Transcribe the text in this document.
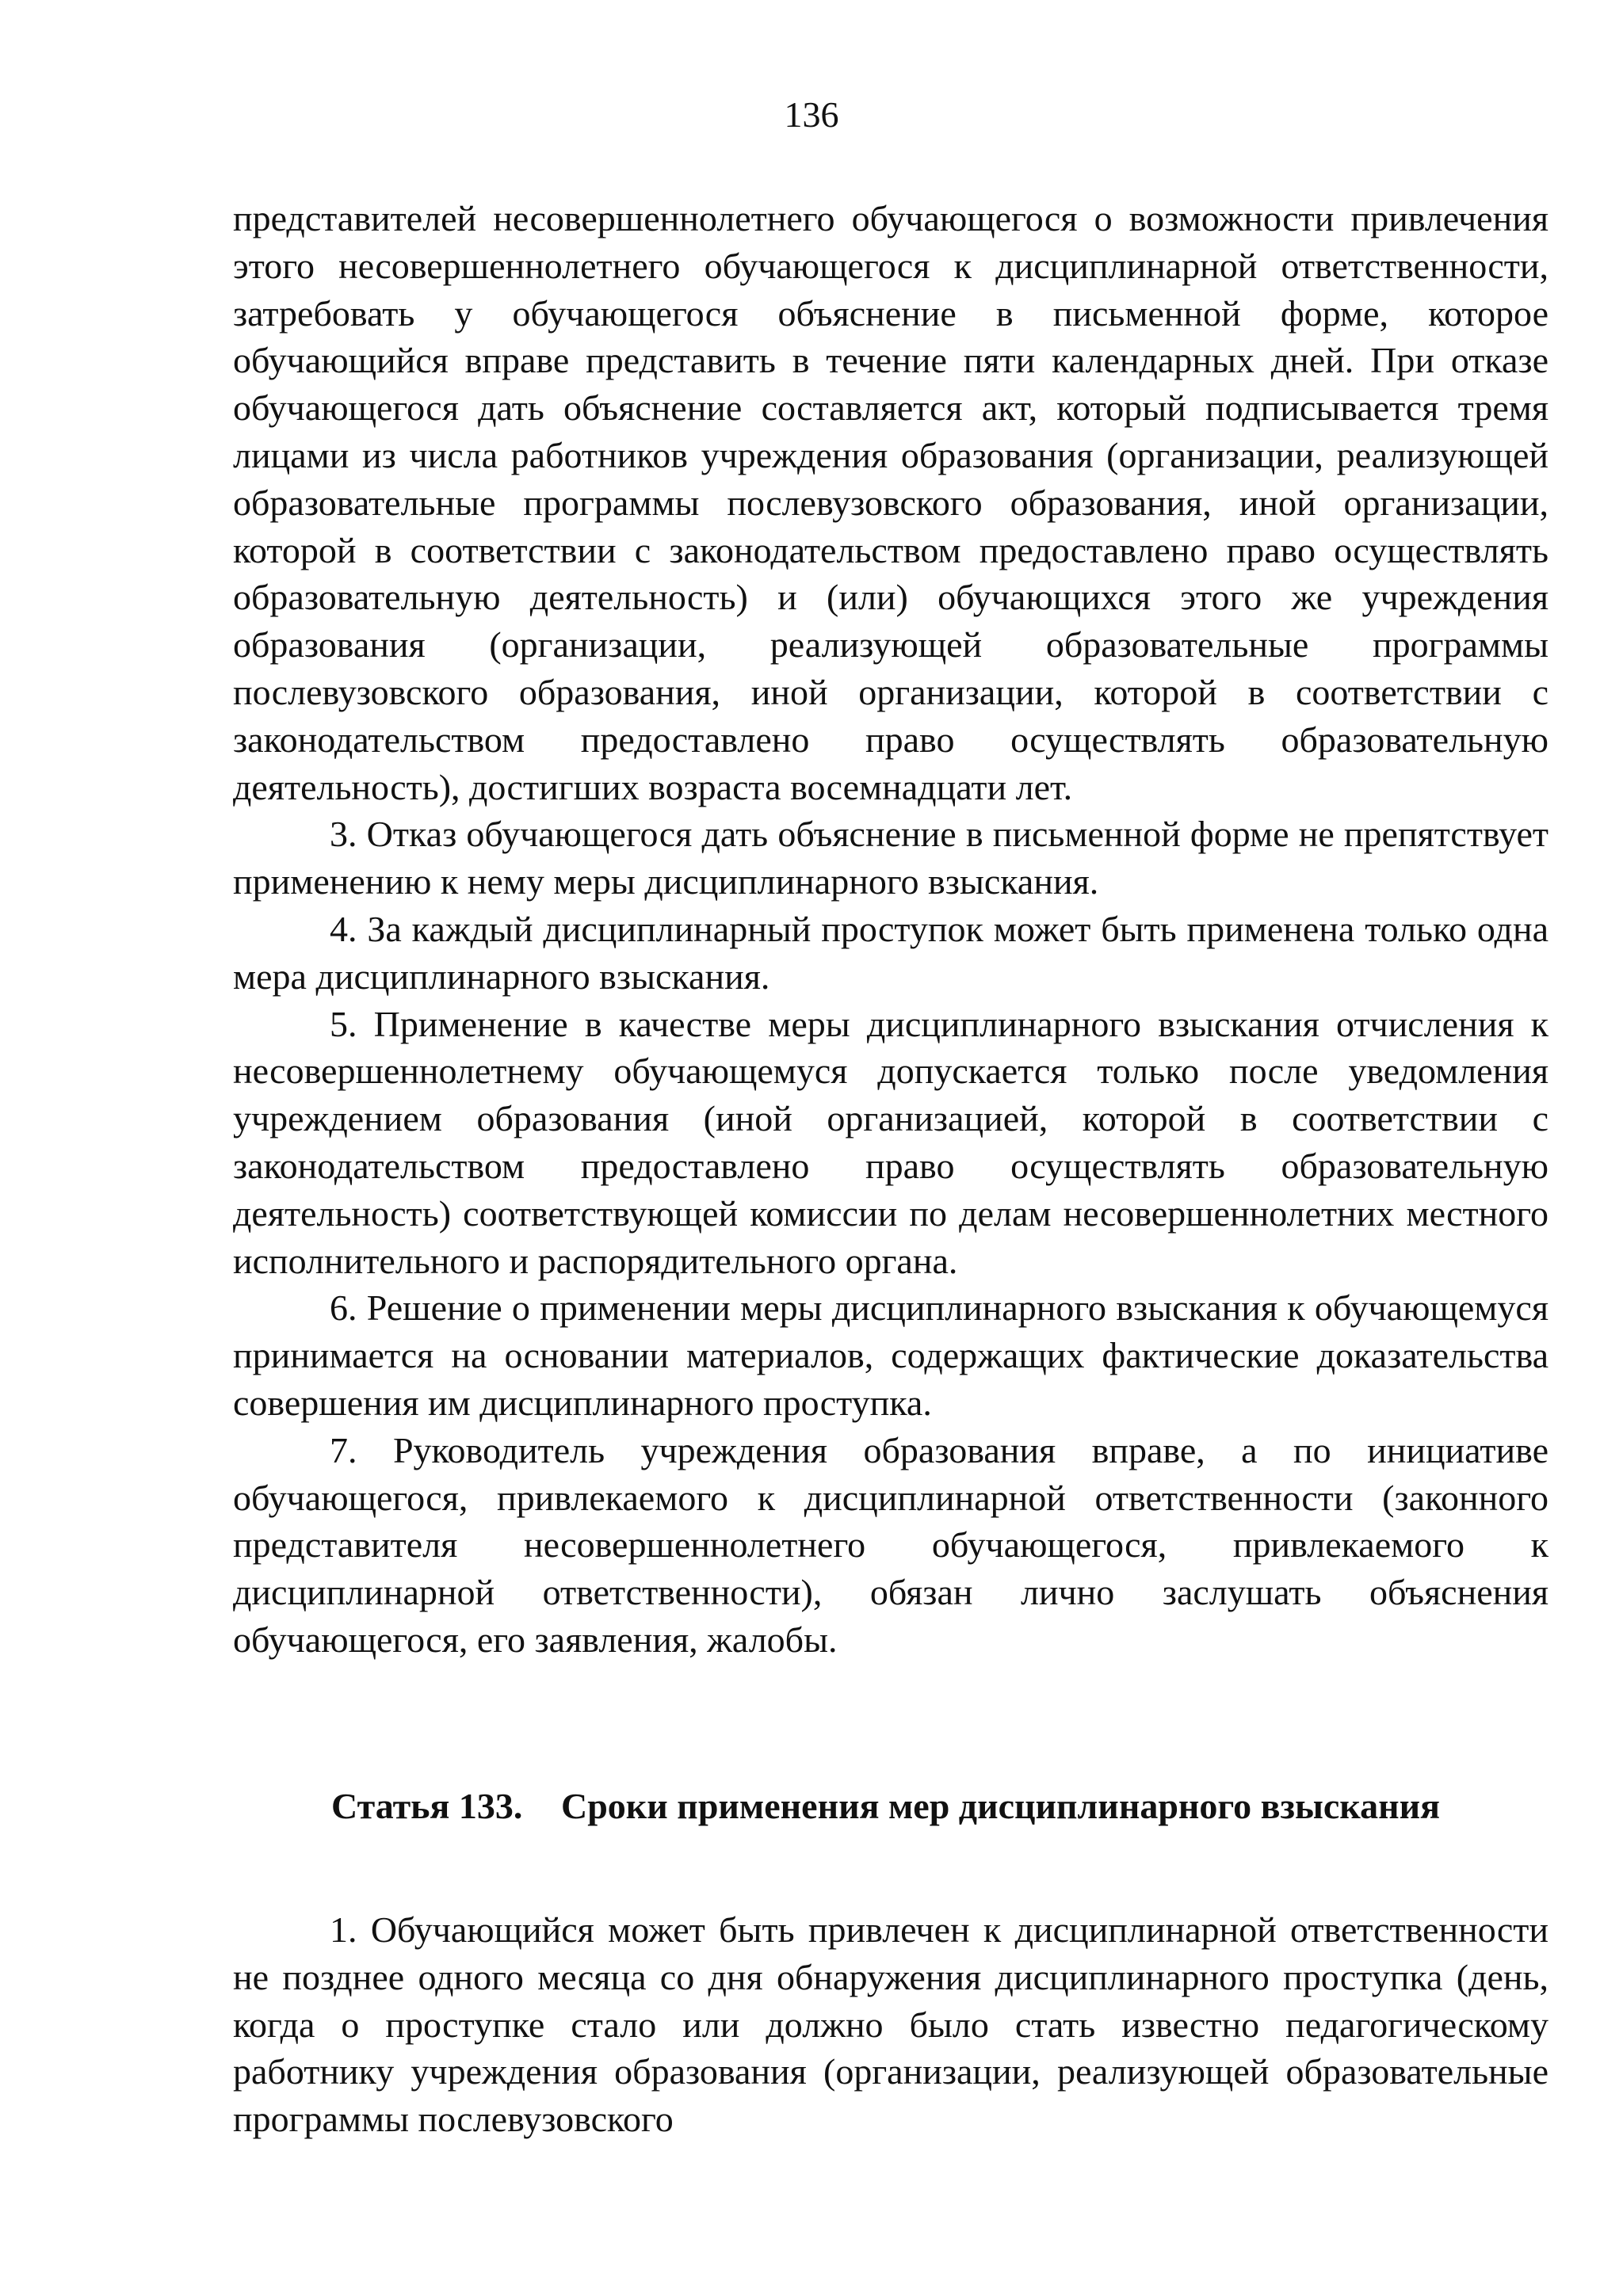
136

представителей несовершеннолетнего обучающегося о возможности привлечения этого несовершеннолетнего обучающегося к дисциплинарной ответственности, затребовать у обучающегося объяснение в письменной форме, которое обучающийся вправе представить в течение пяти календарных дней. При отказе обучающегося дать объяснение составляется акт, который подписывается тремя лицами из числа работников учреждения образования (организации, реализующей образовательные программы послевузовского образования, иной организации, которой в соответствии с законодательством предоставлено право осуществлять образовательную деятельность) и (или) обучающихся этого же учреждения образования (организации, реализующей образовательные программы послевузовского образования, иной организации, которой в соответствии с законодательством предоставлено право осуществлять образовательную деятельность), достигших возраста восемнадцати лет.

3. Отказ обучающегося дать объяснение в письменной форме не препятствует применению к нему меры дисциплинарного взыскания.

4. За каждый дисциплинарный проступок может быть применена только одна мера дисциплинарного взыскания.

5. Применение в качестве меры дисциплинарного взыскания отчисления к несовершеннолетнему обучающемуся допускается только после уведомления учреждением образования (иной организацией, которой в соответствии с законодательством предоставлено право осуществлять образовательную деятельность) соответствующей комиссии по делам несовершеннолетних местного исполнительного и распорядительного органа.

6. Решение о применении меры дисциплинарного взыскания к обучающемуся принимается на основании материалов, содержащих фактические доказательства совершения им дисциплинарного проступка.

7. Руководитель учреждения образования вправе, а по инициативе обучающегося, привлекаемого к дисциплинарной ответственности (законного представителя несовершеннолетнего обучающегося, привлекаемого к дисциплинарной ответственности), обязан лично заслушать объяснения обучающегося, его заявления, жалобы.

Статья 133.	Сроки применения мер дисциплинарного взыскания

1. Обучающийся может быть привлечен к дисциплинарной ответственности не позднее одного месяца со дня обнаружения дисциплинарного проступка (день, когда о проступке стало или должно было стать известно педагогическому работнику учреждения образования (организации, реализующей образовательные программы послевузовского
